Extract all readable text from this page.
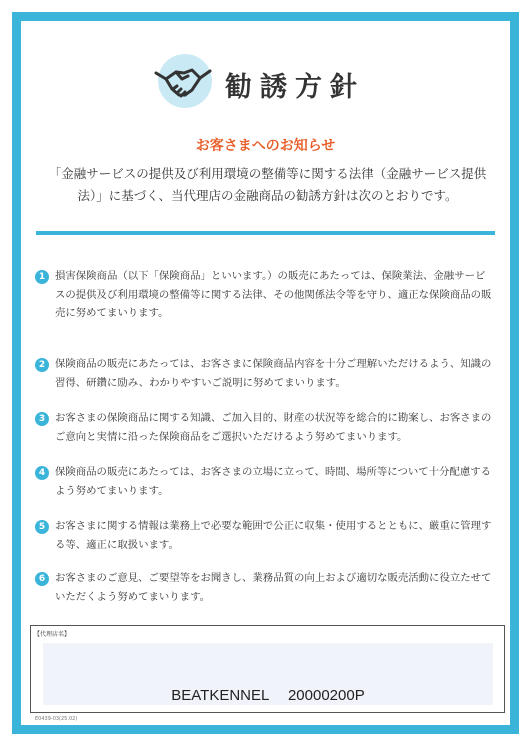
勧誘方針
お客さまへのお知らせ
「金融サービスの提供及び利用環境の整備等に関する法律（金融サービス提供法）」に基づく、当代理店の金融商品の勧誘方針は次のとおりです。
1 損害保険商品（以下「保険商品」といいます。）の販売にあたっては、保険業法、金融サービスの提供及び利用環境の整備等に関する法律、その他関係法令等を守り、適正な保険商品の販売に努めてまいります。
2 保険商品の販売にあたっては、お客さまに保険商品内容を十分ご理解いただけるよう、知識の習得、研鑽に励み、わかりやすいご説明に努めてまいります。
3 お客さまの保険商品に関する知識、ご加入目的、財産の状況等を総合的に勘案し、お客さまのご意向と実情に沿った保険商品をご選択いただけるよう努めてまいります。
4 保険商品の販売にあたっては、お客さまの立場に立って、時間、場所等について十分配慮するよう努めてまいります。
5 お客さまに関する情報は業務上で必要な範囲で公正に収集・使用するとともに、厳重に管理する等、適正に取扱います。
6 お客さまのご意見、ご要望等をお聞きし、業務品質の向上および適切な販売活動に役立たせていただくよう努めてまいります。
【代理店名】
BEATKENNEL　 20000200P
E0439-03(25.02)
